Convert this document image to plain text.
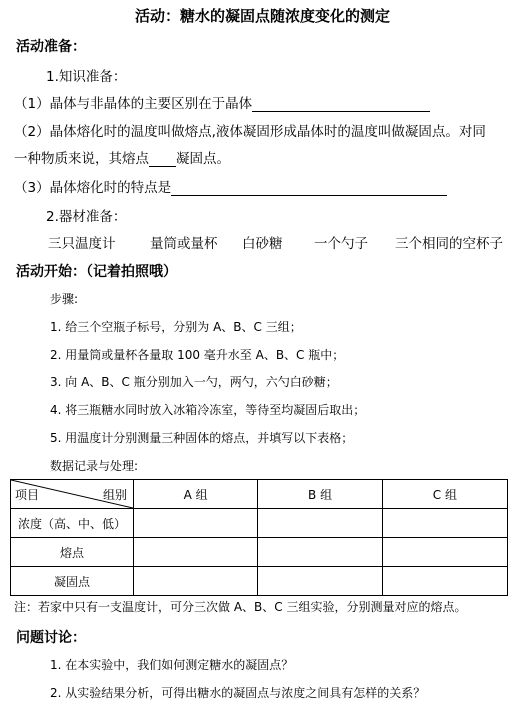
活动：糖水的凝固点随浓度变化的测定
活动准备：
1.知识准备：
（1）晶体与非晶体的主要区别在于晶体
（2）晶体熔化时的温度叫做熔点,液体凝固形成晶体时的温度叫做凝固点。对同
一种物质来说，其熔点 凝固点。
（3）晶体熔化时的特点是
2.器材准备：
三只温度计	量筒或量杯 白砂糖 一个勺子 三个相同的空杯子
活动开始：（记着拍照哦）
步骤:
1. 给三个空瓶子标号，分别为 A、B、C 三组；
2. 用量筒或量杯各量取 100 毫升水至 A、B、C 瓶中；
3. 向 A、B、C 瓶分别加入一勺，两勺，六勺白砂糖；
4. 将三瓶糖水同时放入冰箱冷冻室，等待至均凝固后取出；
5. 用温度计分别测量三种固体的熔点，并填写以下表格；
数据记录与处理:
项目 组别	A 组	B 组	C 组
浓度（高、中、低）			
熔点			
凝固点			
注：若家中只有一支温度计，可分三次做 A、B、C 三组实验，分别测量对应的熔点。
问题讨论：
1. 在本实验中，我们如何测定糖水的凝固点？
2. 从实验结果分析，可得出糖水的凝固点与浓度之间具有怎样的关系？
